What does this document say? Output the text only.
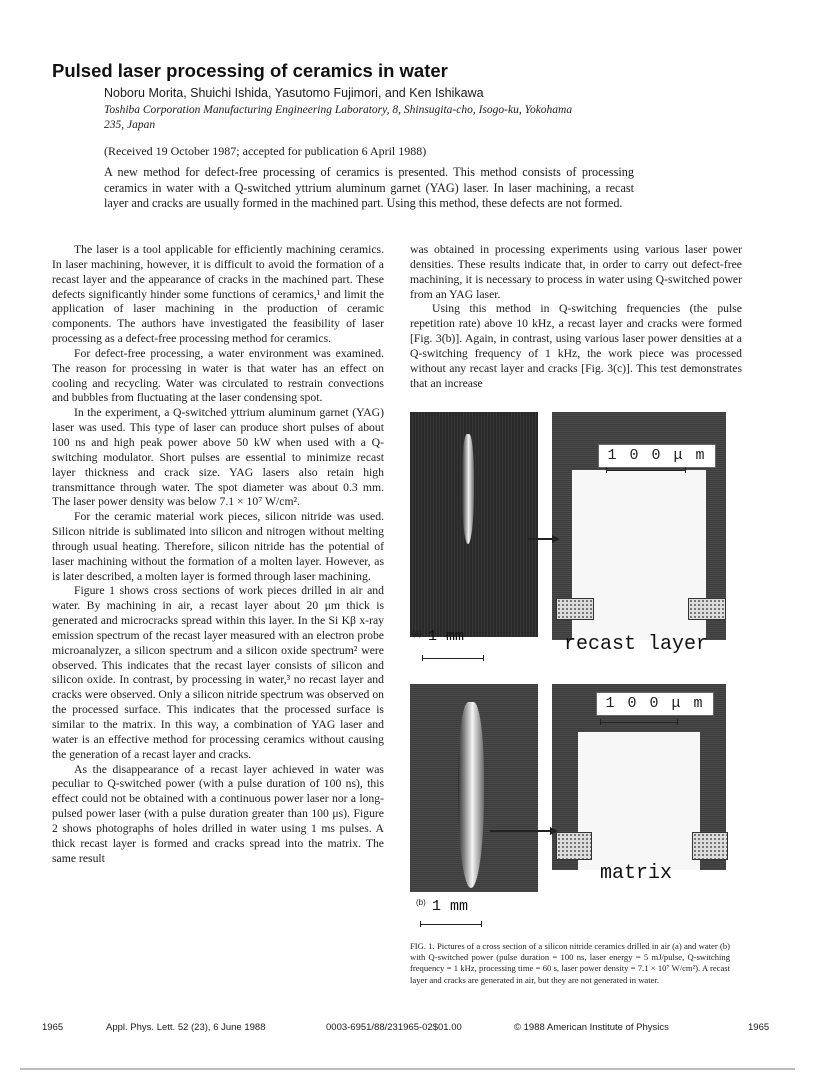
Pulsed laser processing of ceramics in water
Noboru Morita, Shuichi Ishida, Yasutomo Fujimori, and Ken Ishikawa
Toshiba Corporation Manufacturing Engineering Laboratory, 8, Shinsugita-cho, Isogo-ku, Yokohama 235, Japan
(Received 19 October 1987; accepted for publication 6 April 1988)
A new method for defect-free processing of ceramics is presented. This method consists of processing ceramics in water with a Q-switched yttrium aluminum garnet (YAG) laser. In laser machining, a recast layer and cracks are usually formed in the machined part. Using this method, these defects are not formed.

The laser is a tool applicable for efficiently machining ceramics. In laser machining, however, it is difficult to avoid the formation of a recast layer and the appearance of cracks in the machined part. These defects significantly hinder some functions of ceramics,¹ and limit the application of laser machining in the production of ceramic components. The authors have investigated the feasibility of laser processing as a defect-free processing method for ceramics.

For defect-free processing, a water environment was examined. The reason for processing in water is that water has an effect on cooling and recycling. Water was circulated to restrain convections and bubbles from fluctuating at the laser condensing spot.

In the experiment, a Q-switched yttrium aluminum garnet (YAG) laser was used. This type of laser can produce short pulses of about 100 ns and high peak power above 50 kW when used with a Q-switching modulator. Short pulses are essential to minimize recast layer thickness and crack size. YAG lasers also retain high transmittance through water. The spot diameter was about 0.3 mm. The laser power density was below 7.1 × 10⁷ W/cm².

For the ceramic material work pieces, silicon nitride was used. Silicon nitride is sublimated into silicon and nitrogen without melting through usual heating. Therefore, silicon nitride has the potential of laser machining without the formation of a molten layer. However, as is later described, a molten layer is formed through laser machining.

Figure 1 shows cross sections of work pieces drilled in air and water. By machining in air, a recast layer about 20 μm thick is generated and microcracks spread within this layer. In the Si Kβ x-ray emission spectrum of the recast layer measured with an electron probe microanalyzer, a silicon spectrum and a silicon oxide spectrum² were observed. This indicates that the recast layer consists of silicon and silicon oxide. In contrast, by processing in water,³ no recast layer and cracks were observed. Only a silicon nitride spectrum was observed on the processed surface. This indicates that the processed surface is similar to the matrix. In this way, a combination of YAG laser and water is an effective method for processing ceramics without causing the generation of a recast layer and cracks.

As the disappearance of a recast layer achieved in water was peculiar to Q-switched power (with a pulse duration of 100 ns), this effect could not be obtained with a continuous power laser nor a long-pulsed power laser (with a pulse duration greater than 100 μs). Figure 2 shows photographs of holes drilled in water using 1 ms pulses. A thick recast layer is formed and cracks spread into the matrix. The same result

was obtained in processing experiments using various laser power densities. These results indicate that, in order to carry out defect-free machining, it is necessary to process in water using Q-switched power from an YAG laser.

Using this method in Q-switching frequencies (the pulse repetition rate) above 10 kHz, a recast layer and cracks were formed [Fig. 3(b)]. Again, in contrast, using various laser power densities at a Q-switching frequency of 1 kHz, the work piece was processed without any recast layer and cracks [Fig. 3(c)]. This test demonstrates that an increase

1 0 0 μ m
(a) 1 mm	recast layer
1 0 0 μ m
matrix
(b) 1 mm
FIG. 1. Pictures of a cross section of a silicon nitride ceramics drilled in air (a) and water (b) with Q-switched power (pulse duration = 100 ns, laser energy = 5 mJ/pulse, Q-switching frequency = 1 kHz, processing time = 60 s, laser power density = 7.1 × 10⁷ W/cm²). A recast layer and cracks are generated in air, but they are not generated in water.
1965	Appl. Phys. Lett. 52 (23), 6 June 1988	0003-6951/88/231965-02$01.00	© 1988 American Institute of Physics	1965
